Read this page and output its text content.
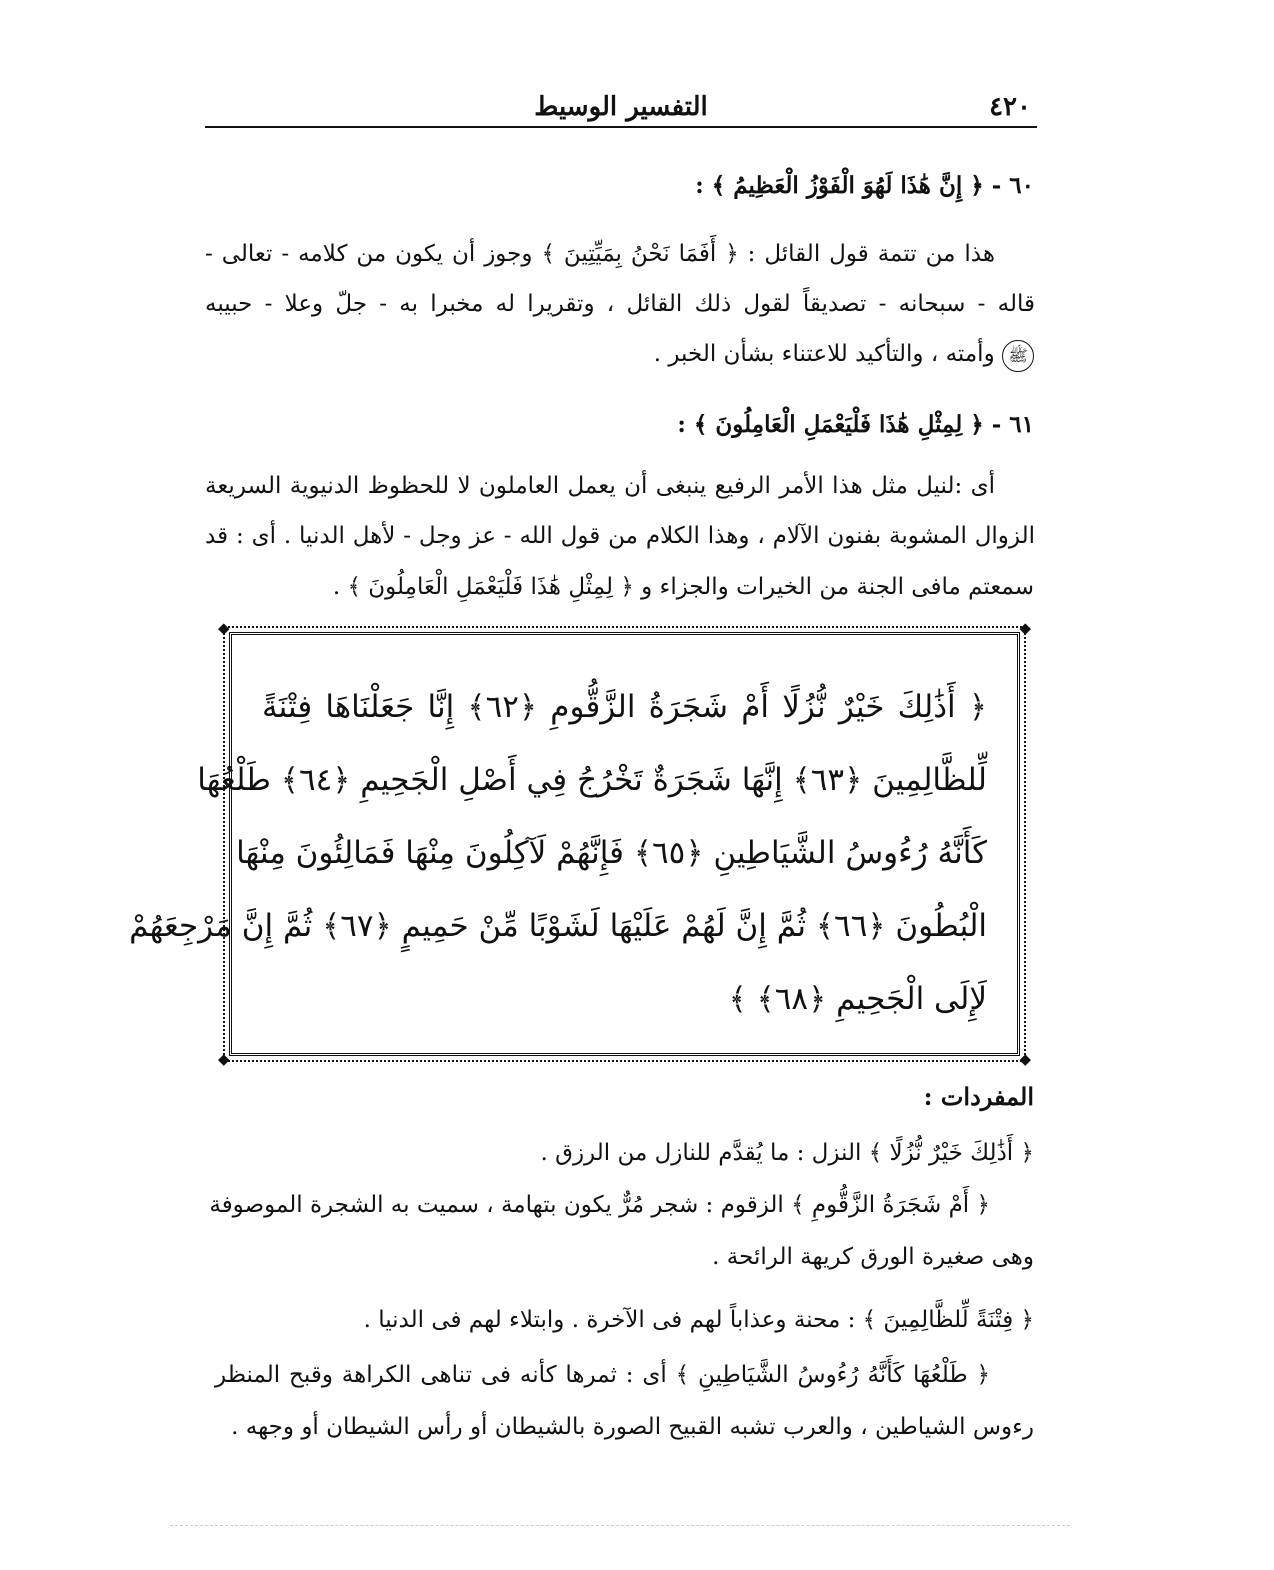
٤٢٠
التفسير الوسيط
٦٠ - ﴿ إِنَّ هَٰذَا لَهُوَ الْفَوْزُ الْعَظِيمُ ﴾ :
هذا من تتمة قول القائل : ﴿ أَفَمَا نَحْنُ بِمَيِّتِينَ ﴾ وجوز أن يكون من كلامه - تعالى -
قاله - سبحانه - تصديقاً لقول ذلك القائل ، وتقريرا له مخبرا به - جلّ وعلا - حبيبه
ﷺ وأمته ، والتأكيد للاعتناء بشأن الخبر .
٦١ - ﴿ لِمِثْلِ هَٰذَا فَلْيَعْمَلِ الْعَامِلُونَ ﴾ :
أى :لنيل مثل هذا الأمر الرفيع ينبغى أن يعمل العاملون لا للحظوظ الدنيوية السريعة
الزوال المشوبة بفنون الآلام ، وهذا الكلام من قول الله - عز وجل - لأهل الدنيا . أى : قد
سمعتم مافى الجنة من الخيرات والجزاء و ﴿ لِمِثْلِ هَٰذَا فَلْيَعْمَلِ الْعَامِلُونَ ﴾ .
◆	◆
◆	◆
﴿ أَذَٰلِكَ خَيْرٌ نُّزُلًا أَمْ شَجَرَةُ الزَّقُّومِ ﴿٦٢﴾ إِنَّا جَعَلْنَاهَا فِتْنَةً
لِّلظَّالِمِينَ ﴿٦٣﴾ إِنَّهَا شَجَرَةٌ تَخْرُجُ فِي أَصْلِ الْجَحِيمِ ﴿٦٤﴾ طَلْعُهَا
كَأَنَّهُ رُءُوسُ الشَّيَاطِينِ ﴿٦٥﴾ فَإِنَّهُمْ لَآكِلُونَ مِنْهَا فَمَالِئُونَ مِنْهَا
الْبُطُونَ ﴿٦٦﴾ ثُمَّ إِنَّ لَهُمْ عَلَيْهَا لَشَوْبًا مِّنْ حَمِيمٍ ﴿٦٧﴾ ثُمَّ إِنَّ مَرْجِعَهُمْ
لَإِلَى الْجَحِيمِ ﴿٦٨﴾ ﴾
المفردات :
﴿ أَذَٰلِكَ خَيْرٌ نُّزُلًا ﴾ النزل : ما يُقدَّم للنازل من الرزق .
﴿ أَمْ شَجَرَةُ الزَّقُّومِ ﴾ الزقوم : شجر مُرٌّ يكون بتهامة ، سميت به الشجرة الموصوفة
وهى صغيرة الورق كريهة الرائحة .
﴿ فِتْنَةً لِّلظَّالِمِينَ ﴾ : محنة وعذاباً لهم فى الآخرة . وابتلاء لهم فى الدنيا .
﴿ طَلْعُهَا كَأَنَّهُ رُءُوسُ الشَّيَاطِينِ ﴾ أى : ثمرها كأنه فى تناهى الكراهة وقبح المنظر
رءوس الشياطين ، والعرب تشبه القبيح الصورة بالشيطان أو رأس الشيطان أو وجهه .
